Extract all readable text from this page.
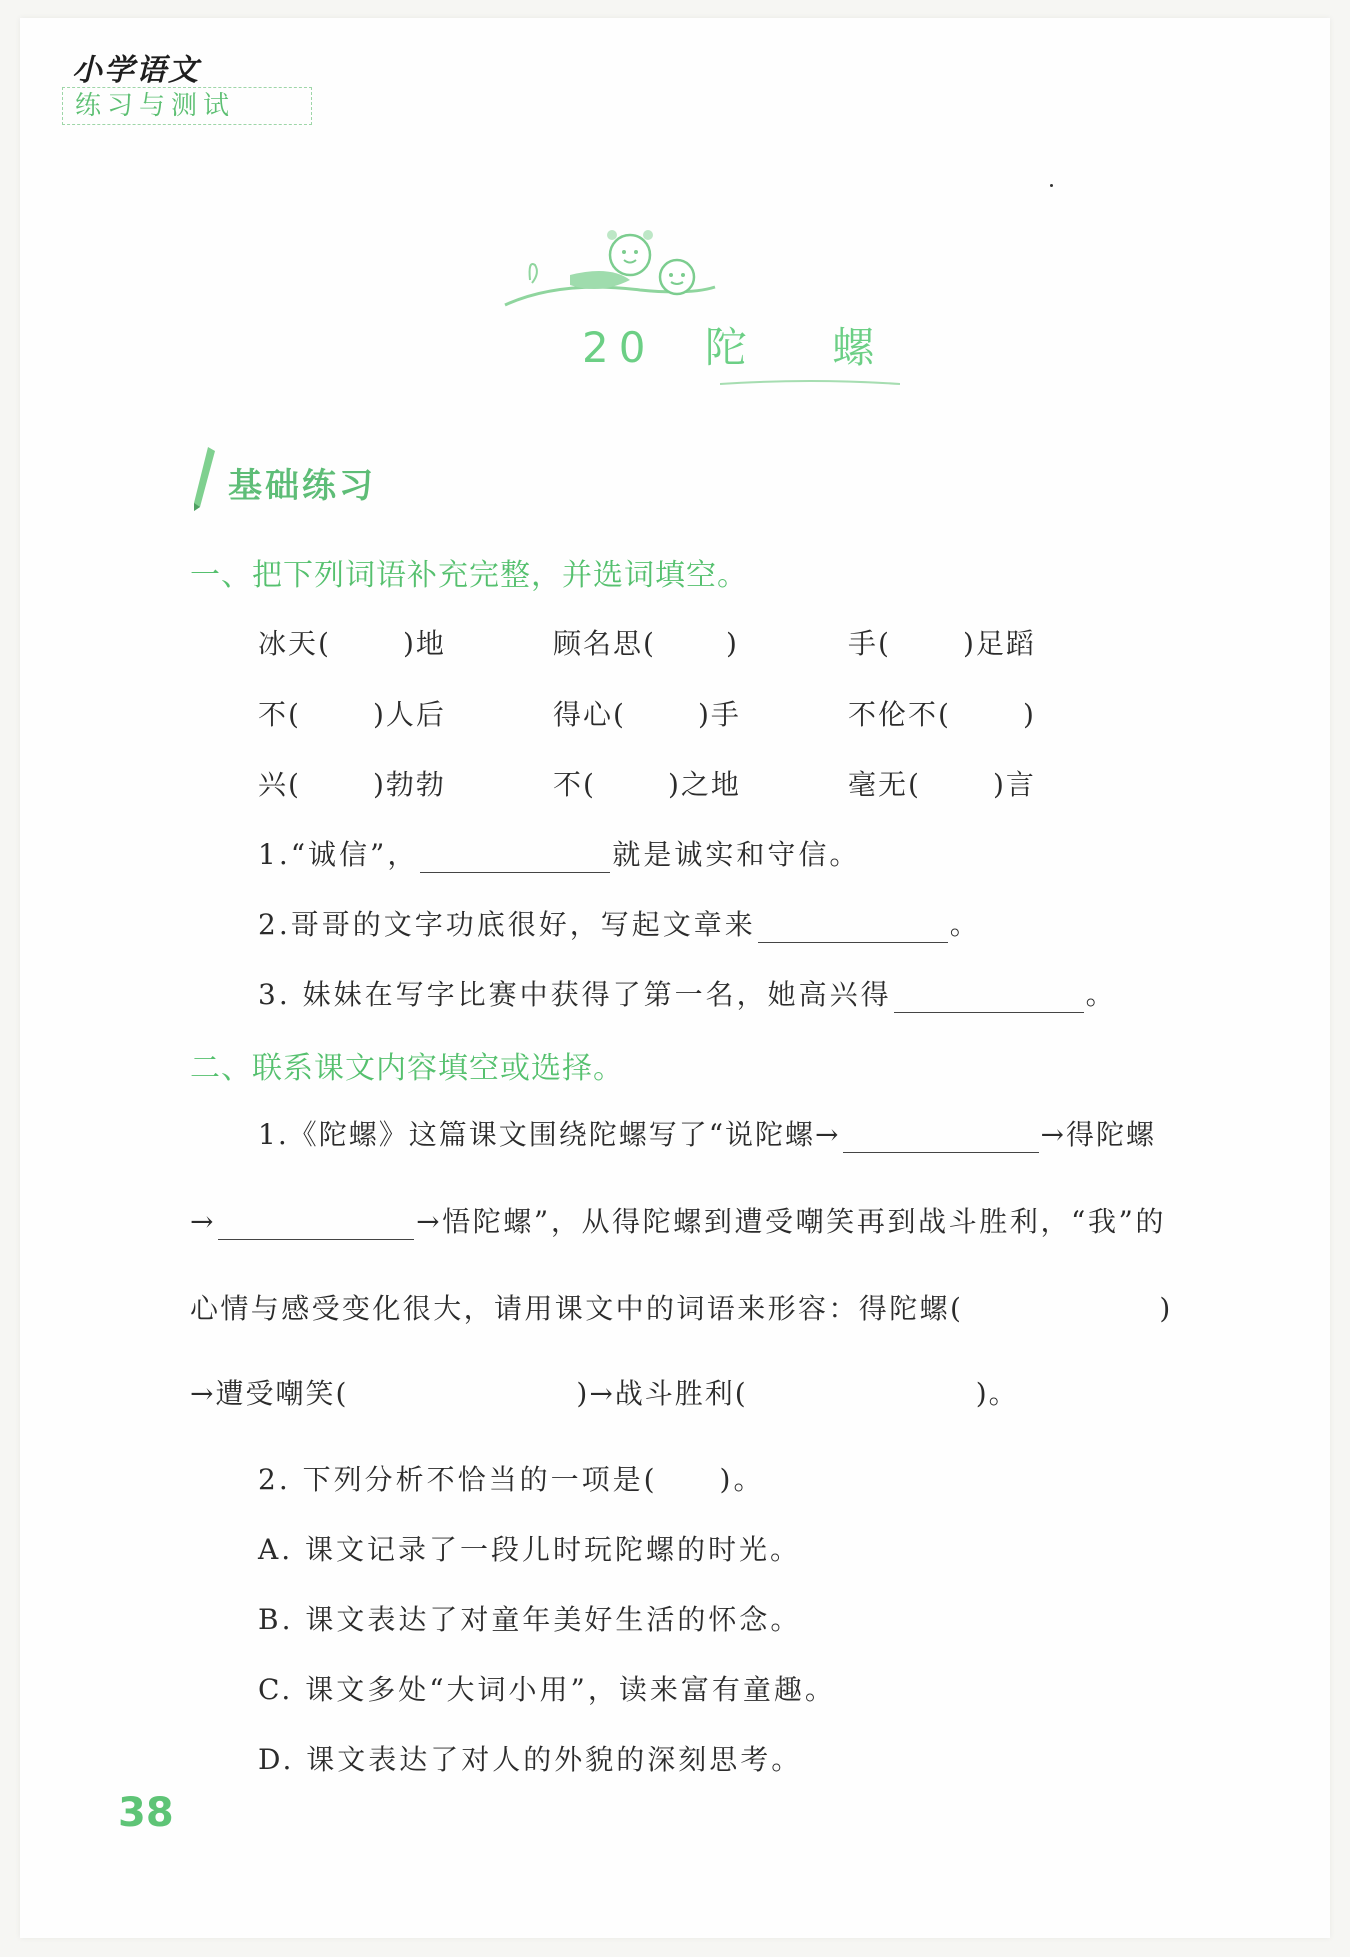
小学语文
练习与测试
20 陀 螺
基础练习
一、把下列词语补充完整，并选词填空。
冰天(	)地	顾名思(	)	手(	)足蹈
不(	)人后	得心(	)手	不伦不(	)
兴(	)勃勃	不(	)之地	毫无(	)言
1.“诚信”，	就是诚实和守信。
2.哥哥的文字功底很好，写起文章来	。
3. 妹妹在写字比赛中获得了第一名，她高兴得	。
二、联系课文内容填空或选择。
1.《陀螺》这篇课文围绕陀螺写了“说陀螺→	→得陀螺
→	→悟陀螺”，从得陀螺到遭受嘲笑再到战斗胜利，“我”的
心情与感受变化很大，请用课文中的词语来形容：得陀螺(	)
→遭受嘲笑(	)→战斗胜利(	)。
2. 下列分析不恰当的一项是(　　)。
A. 课文记录了一段儿时玩陀螺的时光。
B. 课文表达了对童年美好生活的怀念。
C. 课文多处“大词小用”，读来富有童趣。
D. 课文表达了对人的外貌的深刻思考。
38
